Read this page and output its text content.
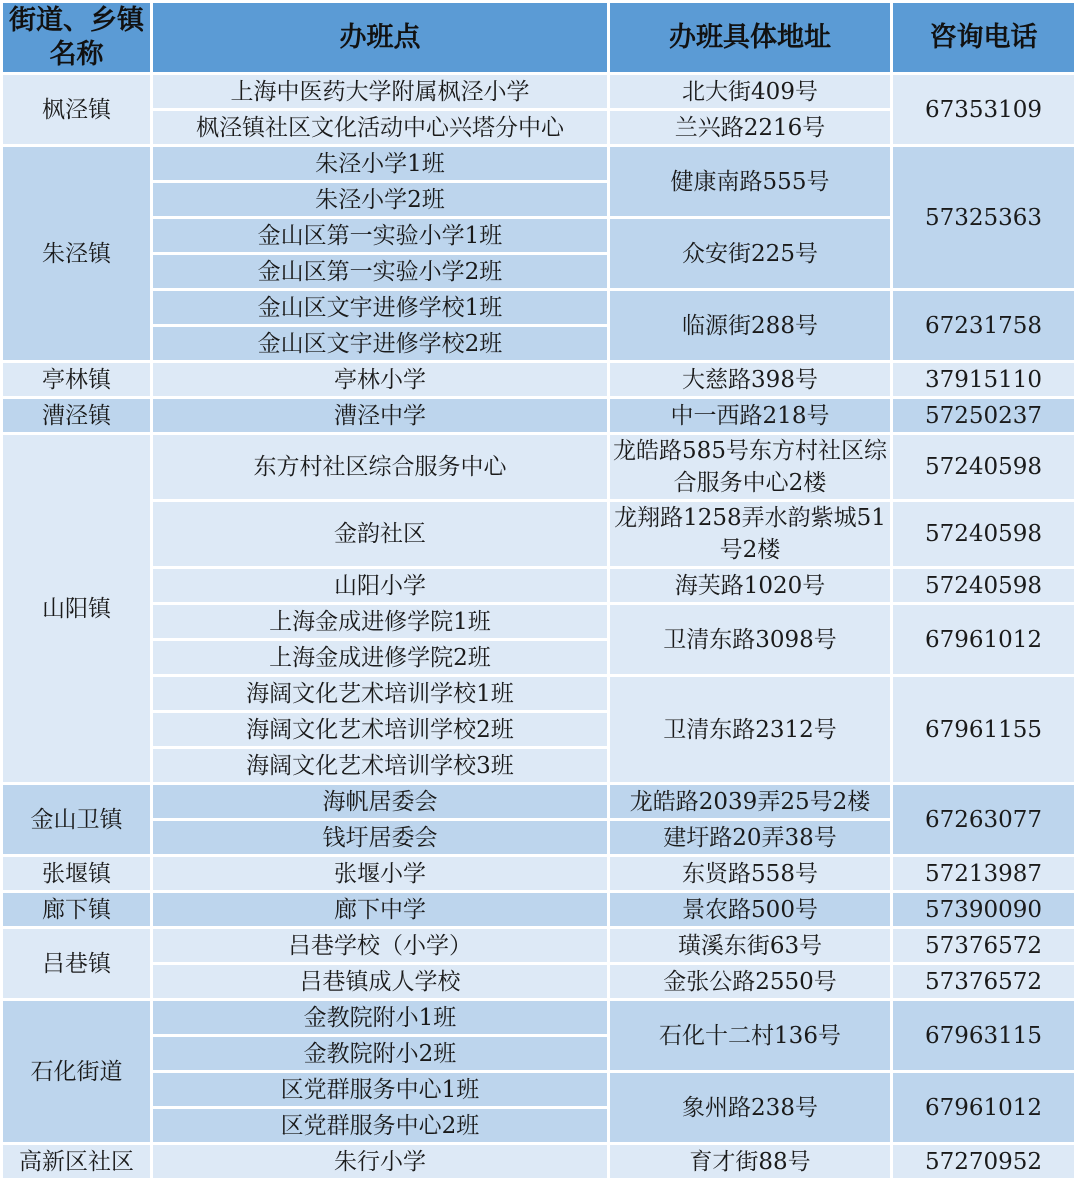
街道、乡镇名称	办班点	办班具体地址	咨询电话
枫泾镇	上海中医药大学附属枫泾小学	北大街409号	67353109
	枫泾镇社区文化活动中心兴塔分中心	兰兴路2216号	
朱泾镇	朱泾小学1班	健康南路555号	57325363
	朱泾小学2班		
	金山区第一实验小学1班	众安街225号	
	金山区第一实验小学2班		
	金山区文宇进修学校1班	临源街288号	67231758
	金山区文宇进修学校2班		
亭林镇	亭林小学	大慈路398号	37915110
漕泾镇	漕泾中学	中一西路218号	57250237
山阳镇	东方村社区综合服务中心	龙皓路585号东方村社区综合服务中心2楼	57240598
	金韵社区	龙翔路1258弄水韵紫城51号2楼	57240598
	山阳小学	海芙路1020号	57240598
	上海金成进修学院1班	卫清东路3098号	67961012
	上海金成进修学院2班		
	海阔文化艺术培训学校1班	卫清东路2312号	67961155
	海阔文化艺术培训学校2班		
	海阔文化艺术培训学校3班		
金山卫镇	海帆居委会	龙皓路2039弄25号2楼	67263077
	钱圩居委会	建圩路20弄38号	
张堰镇	张堰小学	东贤路558号	57213987
廊下镇	廊下中学	景农路500号	57390090
吕巷镇	吕巷学校（小学）	璜溪东街63号	57376572
	吕巷镇成人学校	金张公路2550号	57376572
石化街道	金教院附小1班	石化十二村136号	67963115
	金教院附小2班		
	区党群服务中心1班	象州路238号	67961012
	区党群服务中心2班		
高新区社区	朱行小学	育才街88号	57270952
